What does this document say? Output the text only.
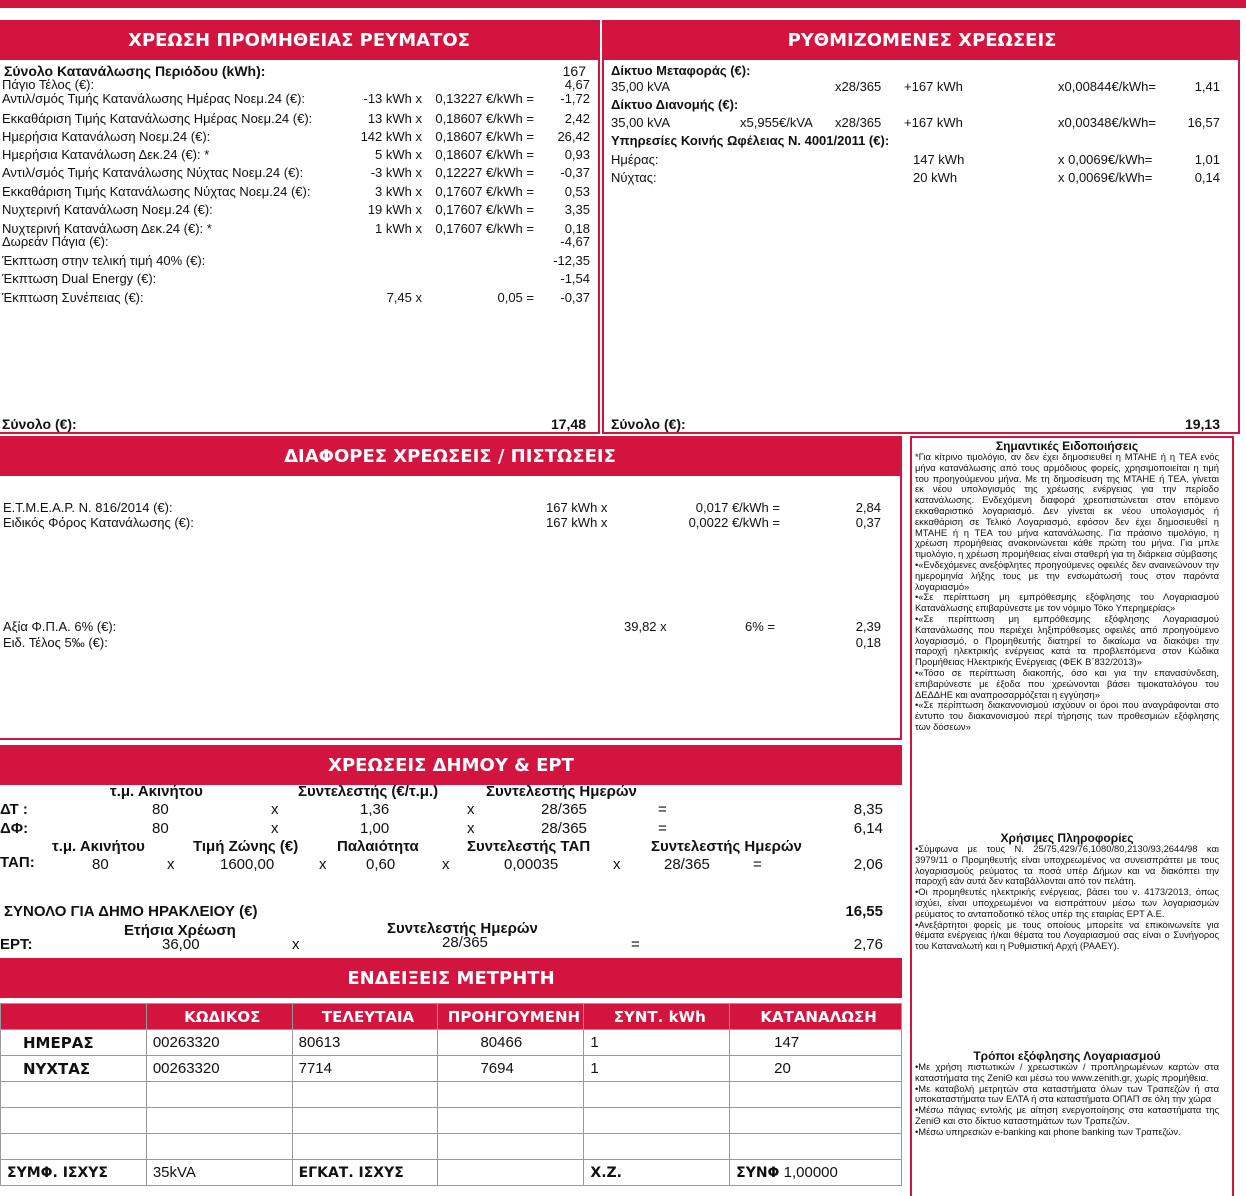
ΧΡΕΩΣΗ ΠΡΟΜΗΘΕΙΑΣ ΡΕΥΜΑΤΟΣ
Σύνολο Κατανάλωσης Περιόδου (kWh):	167
Πάγιο Τέλος (€):	4,67
Αντιλ/σμός Τιμής Κατανάλωσης Ημέρας Νοεμ.24 (€):	-13 kWh x	0,13227 €/kWh =	-1,72
Εκκαθάριση Τιμής Κατανάλωσης Ημέρας Νοεμ.24 (€):	13 kWh x	0,18607 €/kWh =	2,42
Ημερήσια Κατανάλωση Νοεμ.24 (€):	142 kWh x	0,18607 €/kWh =	26,42
Ημερήσια Κατανάλωση Δεκ.24 (€): *	5 kWh x	0,18607 €/kWh =	0,93
Αντιλ/σμός Τιμής Κατανάλωσης Νύχτας Νοεμ.24 (€):	-3 kWh x	0,12227 €/kWh =	-0,37
Εκκαθάριση Τιμής Κατανάλωσης Νύχτας Νοεμ.24 (€):	3 kWh x	0,17607 €/kWh =	0,53
Νυχτερινή Κατανάλωση Νοεμ.24 (€):	19 kWh x	0,17607 €/kWh =	3,35
Νυχτερινή Κατανάλωση Δεκ.24 (€): *	1 kWh x	0,17607 €/kWh =	0,18
Δωρεάν Πάγια (€):	-4,67
Έκπτωση στην τελική τιμή 40% (€):	-12,35
Έκπτωση Dual Energy (€):	-1,54
Έκπτωση Συνέπειας (€):	7,45 x	0,05 =	-0,37
Σύνολο (€):	17,48
ΡΥΘΜΙΖΟΜΕΝΕΣ ΧΡΕΩΣΕΙΣ
Δίκτυο Μεταφοράς (€):
35,00 kVA	x28/365 +167 kWh	x0,00844€/kWh=	1,41
Δίκτυο Διανομής (€):
35,00 kVA	x5,955€/kVA x28/365 +167 kWh	x0,00348€/kWh=	16,57
Υπηρεσίες Κοινής Ωφέλειας Ν. 4001/2011 (€):
Ημέρας:	147 kWh	x 0,0069€/kWh=	1,01
Νύχτας:	20 kWh	x 0,0069€/kWh=	0,14
Σύνολο (€):	19,13
ΔΙΑΦΟΡΕΣ ΧΡΕΩΣΕΙΣ / ΠΙΣΤΩΣΕΙΣ
Ε.Τ.Μ.Ε.Α.Ρ. Ν. 816/2014 (€):	167 kWh x	0,017 €/kWh =	2,84
Ειδικός Φόρος Κατανάλωσης (€):	167 kWh x	0,0022 €/kWh =	0,37
Αξία Φ.Π.Α. 6% (€):	39,82 x	6% =	2,39
Ειδ. Τέλος 5‰ (€):	0,18
ΧΡΕΩΣΕΙΣ ΔΗΜΟΥ & ΕΡΤ
τ.μ. Ακινήτου	Συντελεστής (€/τ.μ.)	Συντελεστής Ημερών
ΔΤ :	80	x	1,36	x	28/365	=	8,35
ΔΦ:	80	x	1,00	x	28/365	=	6,14
τ.μ. Ακινήτου	Τιμή Ζώνης (€)	Παλαιότητα	Συντελεστής ΤΑΠ	Συντελεστής Ημερών
ΤΑΠ:	80	x	1600,00	x	0,60	x	0,00035	x	28/365	=	2,06
ΣΥΝΟΛΟ ΓΙΑ ΔΗΜΟ ΗΡΑΚΛΕΙΟΥ (€)	16,55
Ετήσια Χρέωση	Συντελεστής Ημερών
ΕΡΤ:	36,00	x	28/365	=	2,76
ΕΝΔΕΙΞΕΙΣ ΜΕΤΡΗΤΗ
	ΚΩΔΙΚΟΣ	ΤΕΛΕΥΤΑΙΑ	ΠΡΟΗΓΟΥΜΕΝΗ	ΣΥΝΤ. kWh	ΚΑΤΑΝΑΛΩΣΗ
ΗΜΕΡΑΣ	00263320	80613	80466	1	147
ΝΥΧΤΑΣ	00263320	7714	7694	1	20

ΣΥΜΦ. ΙΣΧΥΣ	35kVA	ΕΓΚΑΤ. ΙΣΧΥΣ		Χ.Ζ.	ΣΥΝΦ 1,00000
Σημαντικές Ειδοποιήσεις

*Για κίτρινο τιμολόγιο, αν δεν έχει δημοσιευθεί η ΜΤΑΗΕ ή η ΤΕΑ ενός μήνα κατανάλωσης από τους αρμόδιους φορείς, χρησιμοποιείται η τιμή του προηγούμενου μήνα. Με τη δημοσίευση της ΜΤΑΗΕ ή ΤΕΑ, γίνεται εκ νέου υπολογισμός της χρέωσης ενέργειας για την περίοδο κατανάλωσης. Ενδεχόμενη διαφορά χρεοπιστώνεται στον επόμενο εκκαθαριστικό λογαριασμό. Δεν γίνεται εκ νέου υπολογισμός ή εκκαθάριση σε Τελικό Λογαριασμό, εφόσον δεν έχει δημοσιευθεί η ΜΤΑΗΕ ή η ΤΕΑ του μήνα κατανάλωσης. Για πράσινο τιμολόγιο, η χρέωση προμήθειας ανακοινώνεται κάθε πρώτη του μήνα. Για μπλε τιμολόγιο, η χρέωση προμήθειας είναι σταθερή για τη διάρκεια σύμβασης

•«Ενδεχόμενες ανεξόφλητες προηγούμενες οφειλές δεν αναινεώνουν την ημερομηνία λήξης τους με την ενσωμάτωσή τους στον παρόντα λογαριασμό»

•«Σε περίπτωση μη εμπρόθεσμης εξόφλησης του Λογαριασμού Κατανάλωσης επιβαρύνεστε με τον νόμιμο Τόκο Υπερημερίας»

•«Σε περίπτωση μη εμπρόθεσμης εξόφλησης Λογαριασμού Κατανάλωσης που περιέχει ληξιπρόθεσμες οφειλές από προηγούμενο λογαριασμό, ο Προμηθευτής διατηρεί το δικαίωμα να διακόψει την παροχή ηλεκτρικής ενέργειας κατά τα προβλεπόμενα στον Κώδικα Προμήθειας Ηλεκτρικής Ενέργειας (ΦΕΚ Β΄832/2013)»

•«Τόσο σε περίπτωση διακοπής, όσο και για την επανασύνδεση, επιβαρύνεστε με έξοδα που χρεώνονται βάσει τιμοκαταλόγου του ΔΕΔΔΗΕ και αναπροσαρμόζεται η εγγύηση»

•«Σε περίπτωση διακανονισμού ισχύουν οι όροι που αναγράφονται στο έντυπο του διακανονισμού περί τήρησης των προθεσμιών εξόφλησης των δόσεων»

Χρήσιμες Πληροφορίες

•Σύμφωνα με τους Ν. 25/75,429/76,1080/80,2130/93,2644/98 και 3979/11 ο Προμηθευτής είναι υποχρεωμένος να συνεισπράττει με τους λογαριασμούς ρεύματος τα ποσά υπέρ Δήμων και να διακόπτει την παροχή εάν αυτά δεν καταβάλλονται από τον πελάτη.

•Οι προμηθευτές ηλεκτρικής ενέργειας, βάσει του ν. 4173/2013, όπως ισχύει, είναι υποχρεωμένοι να εισπράττουν μέσω των λογαριασμών ρεύματος το ανταποδοτικό τέλος υπέρ της εταιρίας ΕΡΤ Α.Ε.

•Ανεξάρτητοι φορείς με τους οποίους μπορείτε να επικοινωνείτε για θέματα ενέργειας ή/και θέματα του Λογαριασμού σας είναι ο Συνήγορος του Καταναλωτή και η Ρυθμιστική Αρχή (ΡΑΑΕΥ).

Τρόποι εξόφλησης Λογαριασμού

•Με χρήση πιστωτικών / χρεωστικών / προπληρωμένων καρτών στα καταστήματα της ZeniΘ και μέσω του www.zenith.gr, χωρίς προμήθεια.

•Με καταβολή μετρητών στα καταστήματα όλων των Τραπεζών ή στα υποκαταστήματα των ΕΛΤΑ ή στα καταστήματα ΟΠΑΠ σε όλη την χώρα

•Μέσω πάγιας εντολής με αίτηση ενεργοποίησης στα καταστήματα της ZeniΘ και στο δίκτυο καταστημάτων των Τραπεζών.

•Μέσω υπηρεσιών e-banking και phone banking των Τραπεζών.
